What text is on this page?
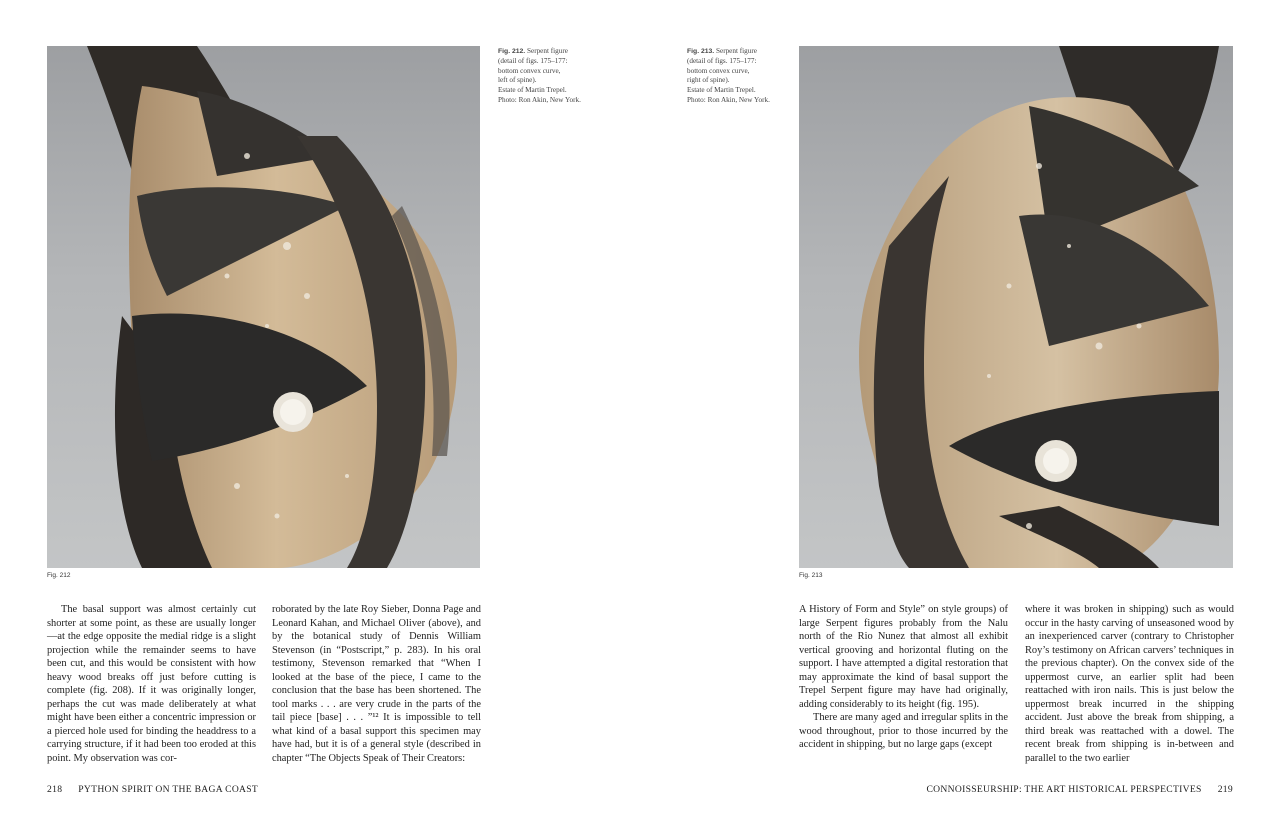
Fig. 212
Fig. 212. Serpent figure
(detail of figs. 175–177:
bottom convex curve,
left of spine).
Estate of Martin Trepel.
Photo: Ron Akin, New York.
Fig. 213. Serpent figure
(detail of figs. 175–177:
bottom convex curve,
right of spine).
Estate of Martin Trepel.
Photo: Ron Akin, New York.
Fig. 213

The basal support was almost certainly cut shorter at some point, as these are usually longer—at the edge opposite the medial ridge is a slight projection while the remainder seems to have been cut, and this would be consistent with how heavy wood breaks off just before cutting is complete (fig. 208). If it was originally longer, perhaps the cut was made deliberately at what might have been either a concentric impression or a pierced hole used for binding the headdress to a carrying structure, if it had been too eroded at this point. My observation was cor-

roborated by the late Roy Sieber, Donna Page and Leonard Kahan, and Michael Oliver (above), and by the botanical study of Dennis William Stevenson (in “Postscript,” p. 283). In his oral testimony, Stevenson remarked that “When I looked at the base of the piece, I came to the conclusion that the base has been shortened. The tool marks . . . are very crude in the parts of the tail piece [base] . . . ”¹² It is impossible to tell what kind of a basal support this specimen may have had, but it is of a general style (described in chapter “The Objects Speak of Their Creators:

A History of Form and Style” on style groups) of large Serpent figures probably from the Nalu north of the Rio Nunez that almost all exhibit vertical grooving and horizontal fluting on the support. I have attempted a digital restoration that may approximate the kind of basal support the Trepel Serpent figure may have had originally, adding considerably to its height (fig. 195).

There are many aged and irregular splits in the wood throughout, prior to those incurred by the accident in shipping, but no large gaps (except

where it was broken in shipping) such as would occur in the hasty carving of unseasoned wood by an inexperienced carver (contrary to Christopher Roy’s testimony on African carvers’ techniques in the previous chapter). On the convex side of the uppermost curve, an earlier split had been reattached with iron nails. This is just below the uppermost break incurred in the shipping accident. Just above the break from shipping, a third break was reattached with a dowel. The recent break from shipping is in-between and parallel to the two earlier

218 PYTHON SPIRIT ON THE BAGA COAST	CONNOISSEURSHIP: THE ART HISTORICAL PERSPECTIVES 219
